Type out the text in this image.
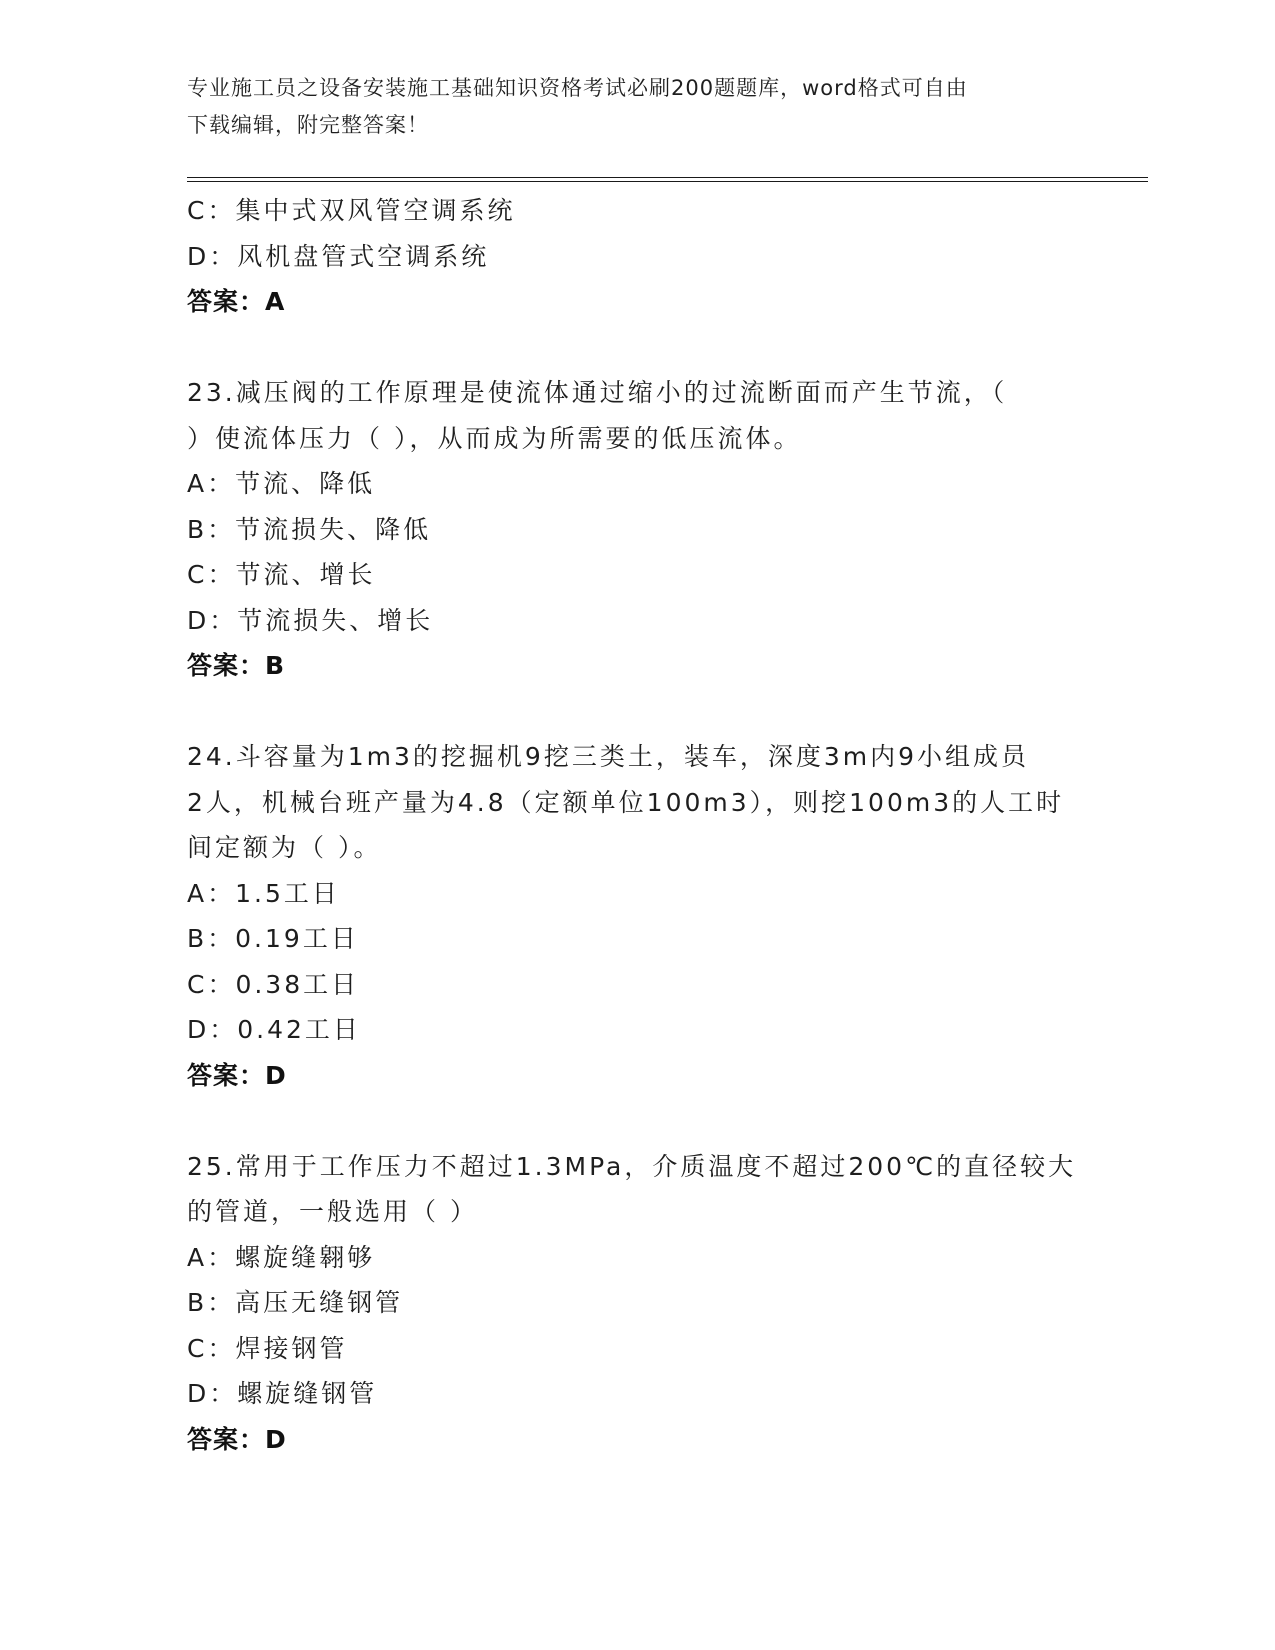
专业施工员之设备安装施工基础知识资格考试必刷200题题库，word格式可自由
下载编辑，附完整答案！
C：集中式双风管空调系统
D：风机盘管式空调系统
答案：A
23.减压阀的工作原理是使流体通过缩小的过流断面而产生节流，（
）使流体压力（ ），从而成为所需要的低压流体。
A：节流、降低
B：节流损失、降低
C：节流、增长
D：节流损失、增长
答案：B
24.斗容量为1m3的挖掘机9挖三类土，装车，深度3m内9小组成员
2人，机械台班产量为4.8（定额单位100m3），则挖100m3的人工时
间定额为（ ）。
A：1.5工日
B：0.19工日
C：0.38工日
D：0.42工日
答案：D
25.常用于工作压力不超过1.3MPa，介质温度不超过200℃的直径较大
的管道，一般选用（ ）
A：螺旋缝翱够
B：高压无缝钢管
C：焊接钢管
D：螺旋缝钢管
答案：D
